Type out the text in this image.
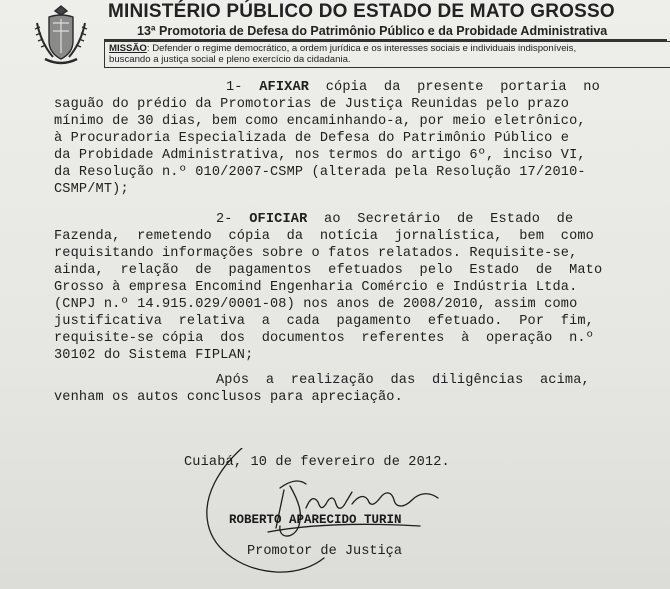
MINISTÉRIO PÚBLICO DO ESTADO DE MATO GROSSO
13ª Promotoria de Defesa do Patrimônio Público e da Probidade Administrativa
MISSÃO: Defender o regime democrático, a ordem jurídica e os interesses sociais e individuais indisponíveis,
buscando a justiça social e pleno exercício da cidadania.
1- AFIXAR cópia  da  presente  portaria  no
saguão do prédio da Promotorias de Justiça Reunidas pelo prazo
mínimo de 30 dias, bem como encaminhando-a, por meio eletrônico,
à Procuradoria Especializada de Defesa do Patrimônio Público e
da Probidade Administrativa, nos termos do artigo 6º, inciso VI,
da Resolução n.º 010/2007-CSMP (alterada pela Resolução 17/2010-
CSMP/MT);
2- OFICIAR ao  Secretário  de  Estado  de
Fazenda,  remetendo  cópia  da  notícia  jornalística,  bem  como
requisitando informações sobre o fatos relatados. Requisite-se,
ainda,  relação  de  pagamentos  efetuados  pelo  Estado  de  Mato
Grosso à empresa Encomind Engenharia Comércio e Indústria Ltda.
(CNPJ n.º 14.915.029/0001-08) nos anos de 2008/2010, assim como
justificativa  relativa  a  cada  pagamento  efetuado.  Por  fim,
requisite-se cópia  dos  documentos  referentes  à  operação  n.º
30102 do Sistema FIPLAN;
Após  a  realização  das  diligências  acima,
venham os autos conclusos para apreciação.
Cuiabá, 10 de fevereiro de 2012.
ROBERTO APARECIDO TURIN
Promotor de Justiça
